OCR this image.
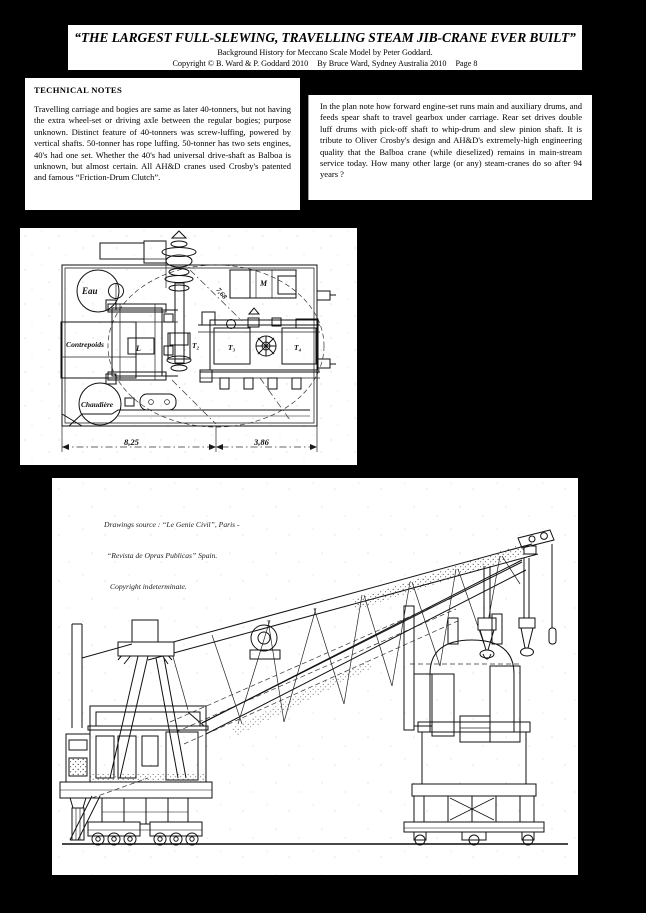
“THE LARGEST FULL-SLEWING, TRAVELLING STEAM JIB-CRANE EVER BUILT”
Background History for Meccano Scale Model by Peter Goddard.
Copyright © B. Ward & P. Goddard 2010 By Bruce Ward, Sydney Australia 2010 Page 8
TECHNICAL NOTES
Travelling carriage and bogies are same as later 40-tonners, but not having the extra wheel-set or driving axle between the regular bogies; purpose unknown. Distinct feature of 40-tonners was screw-luffing, powered by vertical shafts. 50-tonner has rope luffing. 50-tonner has two sets engines, 40's had one set. Whether the 40's had universal drive-shaft as Balboa is unknown, but almost certain. All AH&D cranes used Crosby's patented and famous “Friction-Drum Clutch”.
In the plan note how forward engine-set runs main and auxiliary drums, and feeds spear shaft to travel gearbox under carriage. Rear set drives double luff drums with pick-off shaft to whip-drum and slew pinion shaft. It is tribute to Oliver Crosby's design and AH&D's extremely-high engineering quality that the Balboa crane (while dieselized) remains in main-stream service today. How many other large (or any) steam-cranes do so after 94 years ?
Eau
Contrepoids
Chaudière
L	T₂	T₃	T₄
M
7,68
8,25	3,86

Drawings source : “Le Genie Civil”, Paris -

“Revista de Opras Publicas” Spain.

Copyright indeterminate.
